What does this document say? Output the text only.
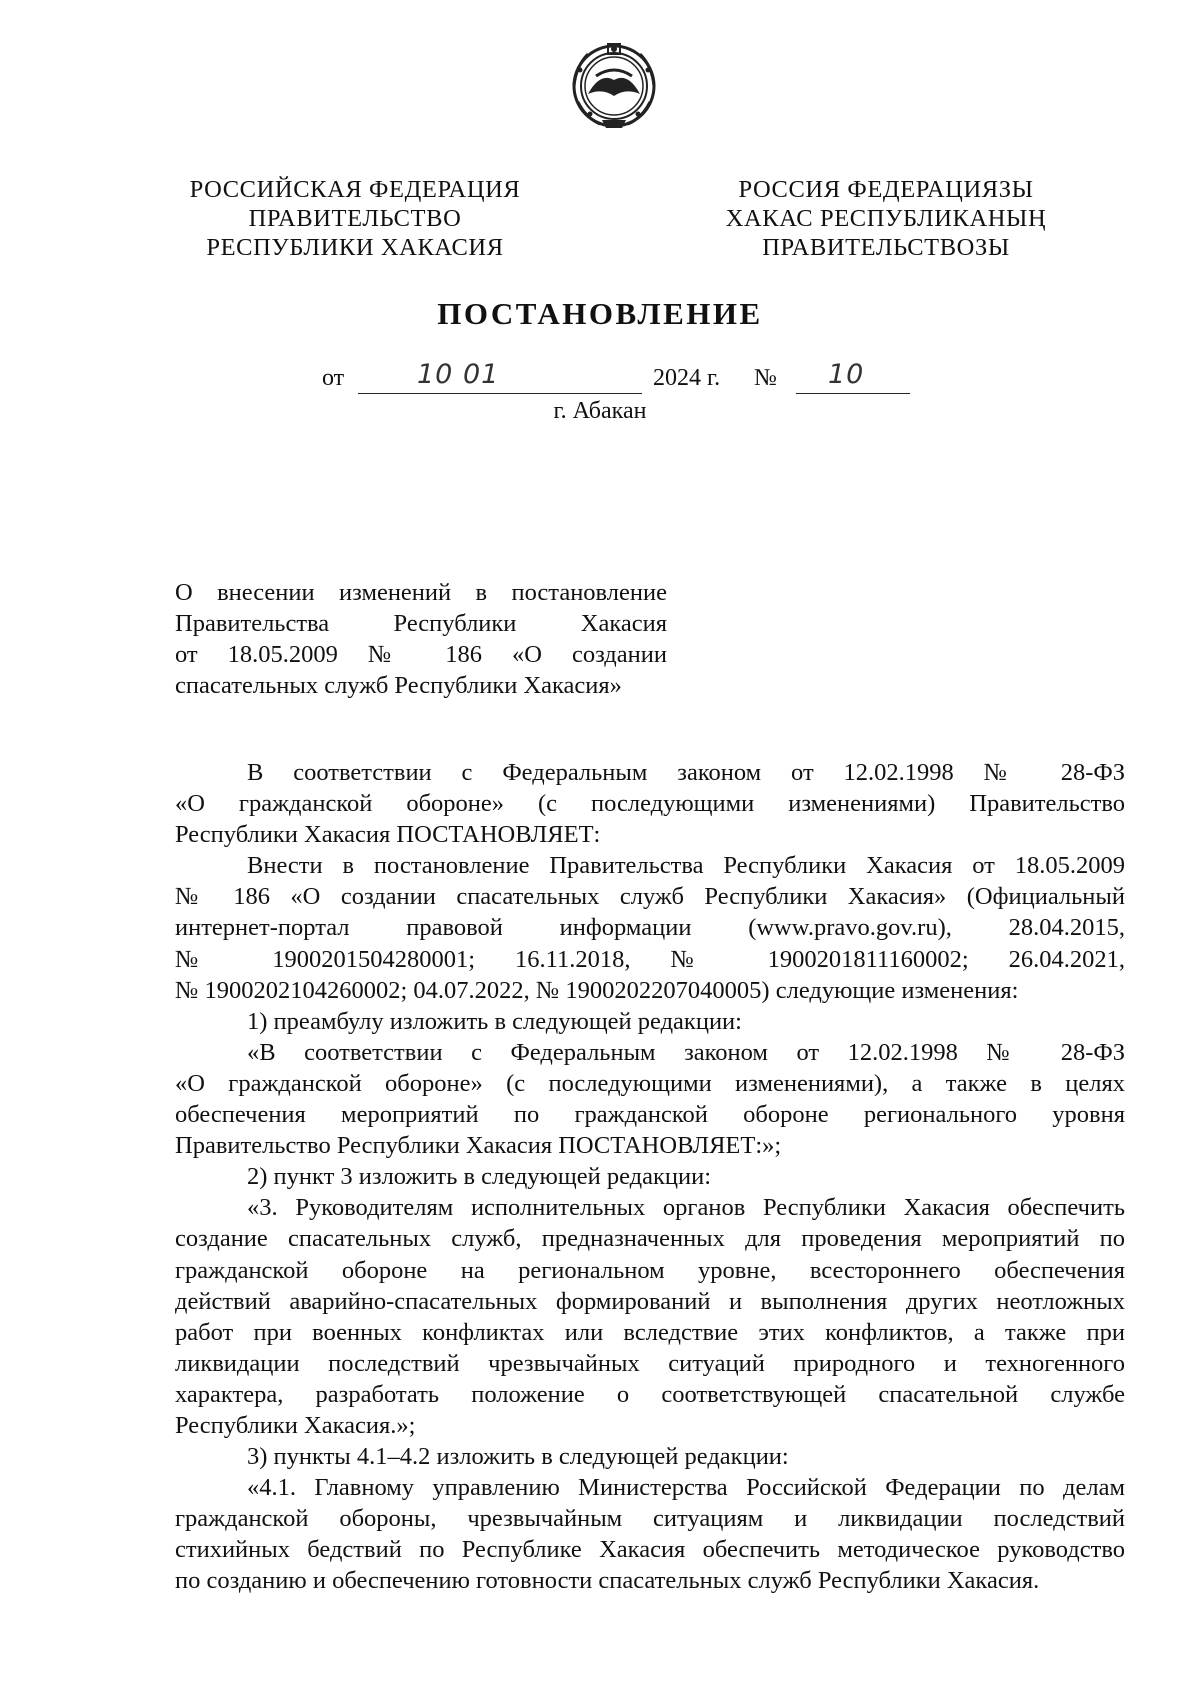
РОССИЙСКАЯ ФЕДЕРАЦИЯ
ПРАВИТЕЛЬСТВО
РЕСПУБЛИКИ ХАКАСИЯ
РОССИЯ ФЕДЕРАЦИЯЗЫ
ХАКАС РЕСПУБЛИКАНЫҢ
ПРАВИТЕЛЬСТВОЗЫ
ПОСТАНОВЛЕНИЕ
от	10 01	2024 г. № 10
г. Абакан
О внесении изменений в постановление
Правительства Республики Хакасия
от 18.05.2009 № 186 «О создании
спасательных служб Республики Хакасия»
В соответствии с Федеральным законом от 12.02.1998 № 28-ФЗ
«О гражданской обороне» (с последующими изменениями) Правительство
Республики Хакасия ПОСТАНОВЛЯЕТ:
Внести в постановление Правительства Республики Хакасия от 18.05.2009
№ 186 «О создании спасательных служб Республики Хакасия» (Официальный
интернет-портал правовой информации (www.pravo.gov.ru), 28.04.2015,
№ 1900201504280001; 16.11.2018, № 1900201811160002; 26.04.2021,
№ 1900202104260002; 04.07.2022, № 1900202207040005) следующие изменения:
1) преамбулу изложить в следующей редакции:
«В соответствии с Федеральным законом от 12.02.1998 № 28-ФЗ
«О гражданской обороне» (с последующими изменениями), а также в целях
обеспечения мероприятий по гражданской обороне регионального уровня
Правительство Республики Хакасия ПОСТАНОВЛЯЕТ:»;
2) пункт 3 изложить в следующей редакции:
«3. Руководителям исполнительных органов Республики Хакасия обеспечить
создание спасательных служб, предназначенных для проведения мероприятий по
гражданской обороне на региональном уровне, всестороннего обеспечения
действий аварийно-спасательных формирований и выполнения других неотложных
работ при военных конфликтах или вследствие этих конфликтов, а также при
ликвидации последствий чрезвычайных ситуаций природного и техногенного
характера, разработать положение о соответствующей спасательной службе
Республики Хакасия.»;
3) пункты 4.1–4.2 изложить в следующей редакции:
«4.1. Главному управлению Министерства Российской Федерации по делам
гражданской обороны, чрезвычайным ситуациям и ликвидации последствий
стихийных бедствий по Республике Хакасия обеспечить методическое руководство
по созданию и обеспечению готовности спасательных служб Республики Хакасия.
